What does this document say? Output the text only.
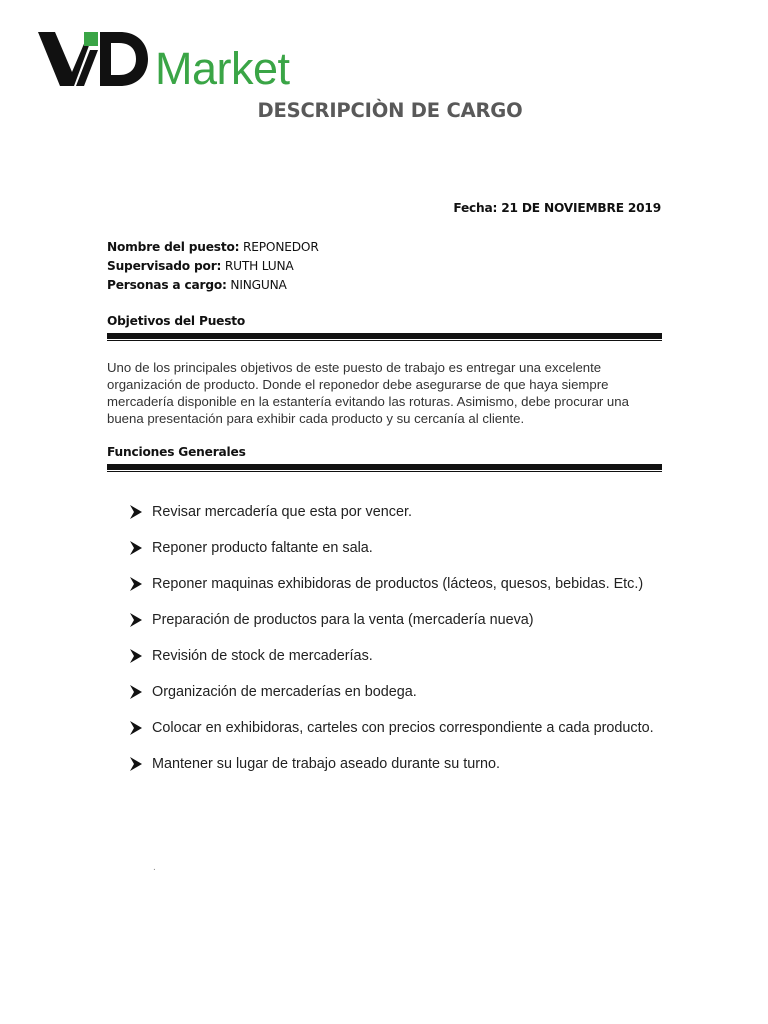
Market
DESCRIPCIÒN DE CARGO
Fecha: 21 DE NOVIEMBRE 2019
Nombre del puesto: REPONEDOR
Supervisado por: RUTH LUNA
Personas a cargo: NINGUNA
Objetivos del Puesto
Uno de los principales objetivos de este puesto de trabajo es entregar una excelente organización de producto. Donde el reponedor debe asegurarse de que haya siempre mercadería disponible en la estantería evitando las roturas. Asimismo, debe procurar una buena presentación para exhibir cada producto y su cercanía al cliente.
Funciones Generales
Revisar mercadería que esta por vencer.
Reponer producto faltante en sala.
Reponer maquinas exhibidoras de productos (lácteos, quesos, bebidas. Etc.)
Preparación de productos para la venta (mercadería nueva)
Revisión de stock de mercaderías.
Organización de mercaderías en bodega.
Colocar en exhibidoras, carteles con precios correspondiente a cada producto.
Mantener su lugar de trabajo aseado durante su turno.
.
